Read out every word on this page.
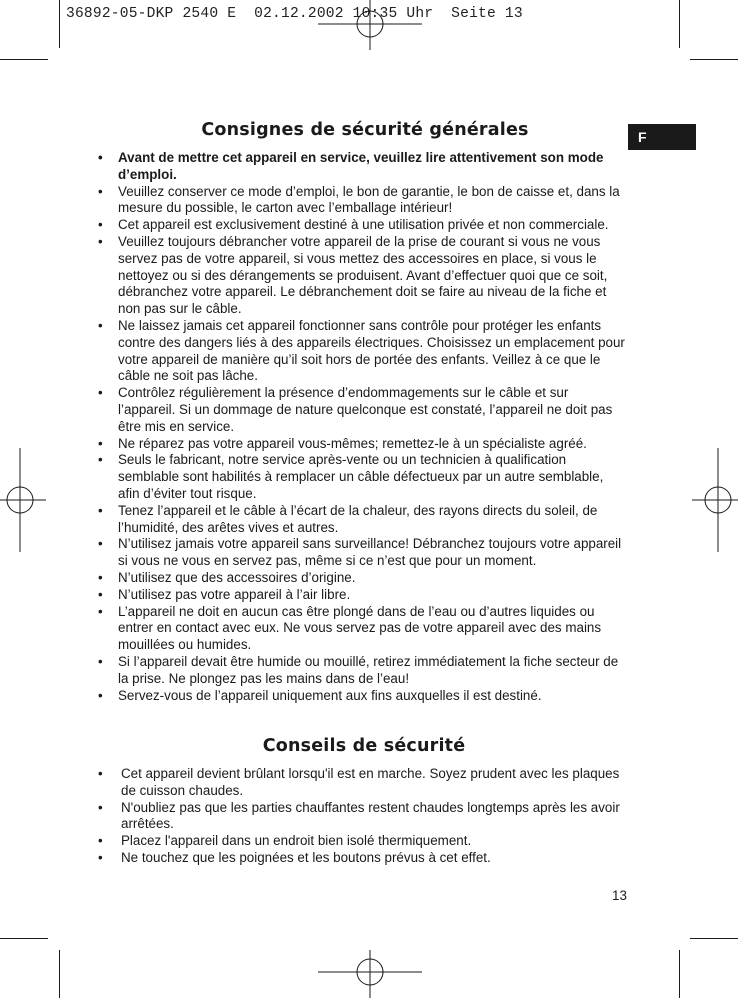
36892-05-DKP 2540 E  02.12.2002 10:35 Uhr  Seite 13
F
Consignes de sécurité générales
• Avant de mettre cet appareil en service, veuillez lire attentivement son mode d’emploi.
• Veuillez conserver ce mode d’emploi, le bon de garantie, le bon de caisse et, dans la mesure du possible, le carton avec l’emballage intérieur!
• Cet appareil est exclusivement destiné à une utilisation privée et non commerciale.
• Veuillez toujours débrancher votre appareil de la prise de courant si vous ne vous servez pas de votre appareil, si vous mettez des accessoires en place, si vous le nettoyez ou si des dérangements se produisent. Avant d’effectuer quoi que ce soit, débranchez votre appareil. Le débranchement doit se faire au niveau de la fiche et non pas sur le câble.
• Ne laissez jamais cet appareil fonctionner sans contrôle pour protéger les enfants contre des dangers liés à des appareils électriques. Choisissez un emplacement pour votre appareil de manière qu’il soit hors de portée des enfants. Veillez à ce que le câble ne soit pas lâche.
• Contrôlez régulièrement la présence d’endommagements sur le câble et sur l’appareil. Si un dommage de nature quelconque est constaté, l’appareil ne doit pas être mis en service.
• Ne réparez pas votre appareil vous-mêmes; remettez-le à un spécialiste agréé.
• Seuls le fabricant, notre service après-vente ou un technicien à qualification semblable sont habilités à remplacer un câble défectueux par un autre semblable, afin d’éviter tout risque.
• Tenez l’appareil et le câble à l’écart de la chaleur, des rayons directs du soleil, de l’humidité, des arêtes vives et autres.
• N’utilisez jamais votre appareil sans surveillance! Débranchez toujours votre appareil si vous ne vous en servez pas, même si ce n’est que pour un moment.
• N’utilisez que des accessoires d’origine.
• N’utilisez pas votre appareil à l’air libre.
• L’appareil ne doit en aucun cas être plongé dans de l’eau ou d’autres liquides ou entrer en contact avec eux. Ne vous servez pas de votre appareil avec des mains mouillées ou humides.
• Si l’appareil devait être humide ou mouillé, retirez immédiatement la fiche secteur de la prise. Ne plongez pas les mains dans de l’eau!
• Servez-vous de l’appareil uniquement aux fins auxquelles il est destiné.
Conseils de sécurité
• Cet appareil devient brûlant lorsqu'il est en marche. Soyez prudent avec les plaques de cuisson chaudes.
• N'oubliez pas que les parties chauffantes restent chaudes longtemps après les avoir arrêtées.
• Placez l'appareil dans un endroit bien isolé thermiquement.
• Ne touchez que les poignées et les boutons prévus à cet effet.
13
